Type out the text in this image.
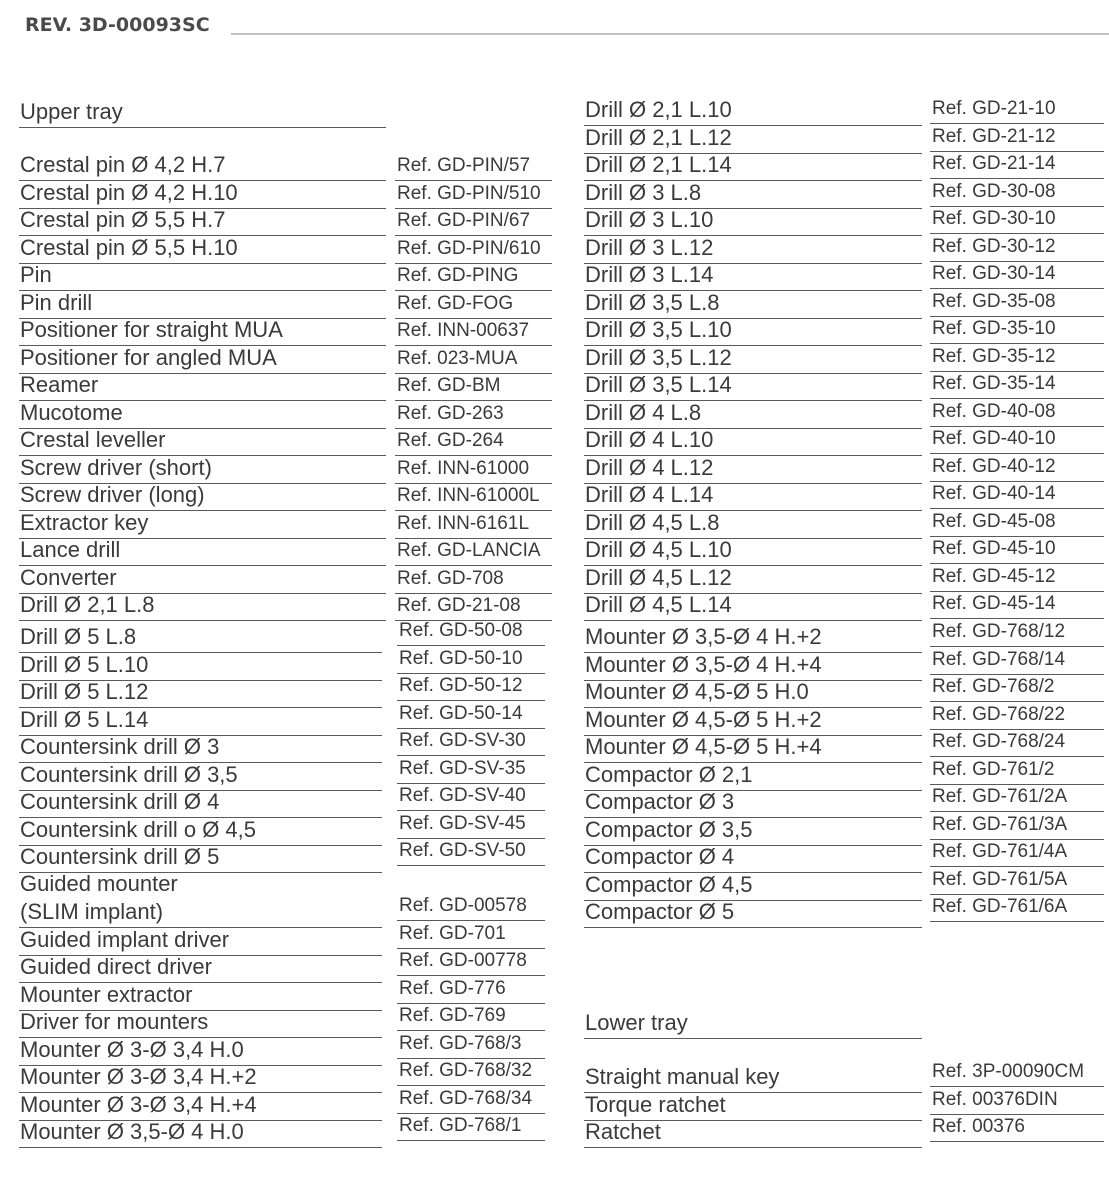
REV. 3D-00093SC
Upper tray
Crestal pin Ø 4,2 H.7	Ref. GD-PIN/57
Crestal pin Ø 4,2 H.10	Ref. GD-PIN/510
Crestal pin Ø 5,5 H.7	Ref. GD-PIN/67
Crestal pin Ø 5,5 H.10	Ref. GD-PIN/610
Pin	Ref. GD-PING
Pin drill	Ref. GD-FOG
Positioner for straight MUA	Ref. INN-00637
Positioner for angled MUA	Ref. 023-MUA
Reamer	Ref. GD-BM
Mucotome	Ref. GD-263
Crestal leveller	Ref. GD-264
Screw driver (short)	Ref. INN-61000
Screw driver (long)	Ref. INN-61000L
Extractor key	Ref. INN-6161L
Lance drill	Ref. GD-LANCIA
Converter	Ref. GD-708
Drill Ø 2,1 L.8	Ref. GD-21-08
Drill Ø 5 L.8	Ref. GD-50-08
Drill Ø 5 L.10	Ref. GD-50-10
Drill Ø 5 L.12	Ref. GD-50-12
Drill Ø 5 L.14	Ref. GD-50-14
Countersink drill Ø 3	Ref. GD-SV-30
Countersink drill Ø 3,5	Ref. GD-SV-35
Countersink drill Ø 4	Ref. GD-SV-40
Countersink drill o Ø 4,5	Ref. GD-SV-45
Countersink drill Ø 5	Ref. GD-SV-50
Guided mounter
(SLIM implant)	Ref. GD-00578
Guided implant driver	Ref. GD-701
Guided direct driver	Ref. GD-00778
Mounter extractor	Ref. GD-776
Driver for mounters	Ref. GD-769
Mounter Ø 3-Ø 3,4 H.0	Ref. GD-768/3
Mounter Ø 3-Ø 3,4 H.+2	Ref. GD-768/32
Mounter Ø 3-Ø 3,4 H.+4	Ref. GD-768/34
Mounter Ø 3,5-Ø 4 H.0	Ref. GD-768/1
Drill Ø 2,1 L.10	Ref. GD-21-10
Drill Ø 2,1 L.12	Ref. GD-21-12
Drill Ø 2,1 L.14	Ref. GD-21-14
Drill Ø 3 L.8	Ref. GD-30-08
Drill Ø 3 L.10	Ref. GD-30-10
Drill Ø 3 L.12	Ref. GD-30-12
Drill Ø 3 L.14	Ref. GD-30-14
Drill Ø 3,5 L.8	Ref. GD-35-08
Drill Ø 3,5 L.10	Ref. GD-35-10
Drill Ø 3,5 L.12	Ref. GD-35-12
Drill Ø 3,5 L.14	Ref. GD-35-14
Drill Ø 4 L.8	Ref. GD-40-08
Drill Ø 4 L.10	Ref. GD-40-10
Drill Ø 4 L.12	Ref. GD-40-12
Drill Ø 4 L.14	Ref. GD-40-14
Drill Ø 4,5 L.8	Ref. GD-45-08
Drill Ø 4,5 L.10	Ref. GD-45-10
Drill Ø 4,5 L.12	Ref. GD-45-12
Drill Ø 4,5 L.14	Ref. GD-45-14
Mounter Ø 3,5-Ø 4 H.+2	Ref. GD-768/12
Mounter Ø 3,5-Ø 4 H.+4	Ref. GD-768/14
Mounter Ø 4,5-Ø 5 H.0	Ref. GD-768/2
Mounter Ø 4,5-Ø 5 H.+2	Ref. GD-768/22
Mounter Ø 4,5-Ø 5 H.+4	Ref. GD-768/24
Compactor Ø 2,1	Ref. GD-761/2
Compactor Ø 3	Ref. GD-761/2A
Compactor Ø 3,5	Ref. GD-761/3A
Compactor Ø 4	Ref. GD-761/4A
Compactor Ø 4,5	Ref. GD-761/5A
Compactor Ø 5	Ref. GD-761/6A
Lower tray
Straight manual key	Ref. 3P-00090CM
Torque ratchet	Ref. 00376DIN
Ratchet	Ref. 00376
